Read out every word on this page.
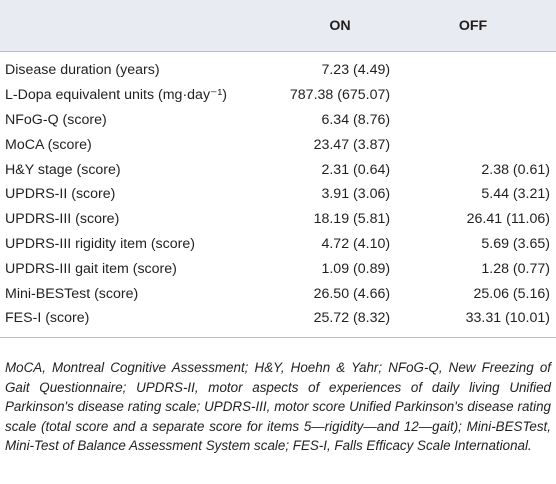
	ON	OFF
Disease duration (years)	7.23 (4.49)	
L-Dopa equivalent units (mg·day⁻¹)	787.38 (675.07)	
NFoG-Q (score)	6.34 (8.76)	
MoCA (score)	23.47 (3.87)	
H&Y stage (score)	2.31 (0.64)	2.38 (0.61)
UPDRS-II (score)	3.91 (3.06)	5.44 (3.21)
UPDRS-III (score)	18.19 (5.81)	26.41 (11.06)
UPDRS-III rigidity item (score)	4.72 (4.10)	5.69 (3.65)
UPDRS-III gait item (score)	1.09 (0.89)	1.28 (0.77)
Mini-BESTest (score)	26.50 (4.66)	25.06 (5.16)
FES-I (score)	25.72 (8.32)	33.31 (10.01)

MoCA, Montreal Cognitive Assessment; H&Y, Hoehn & Yahr; NFoG-Q, New Freezing of Gait Questionnaire; UPDRS-II, motor aspects of experiences of daily living Unified Parkinson's disease rating scale; UPDRS-III, motor score Unified Parkinson's disease rating scale (total score and a separate score for items 5—rigidity—and 12—gait); Mini-BESTest, Mini-Test of Balance Assessment System scale; FES-I, Falls Efficacy Scale International.
